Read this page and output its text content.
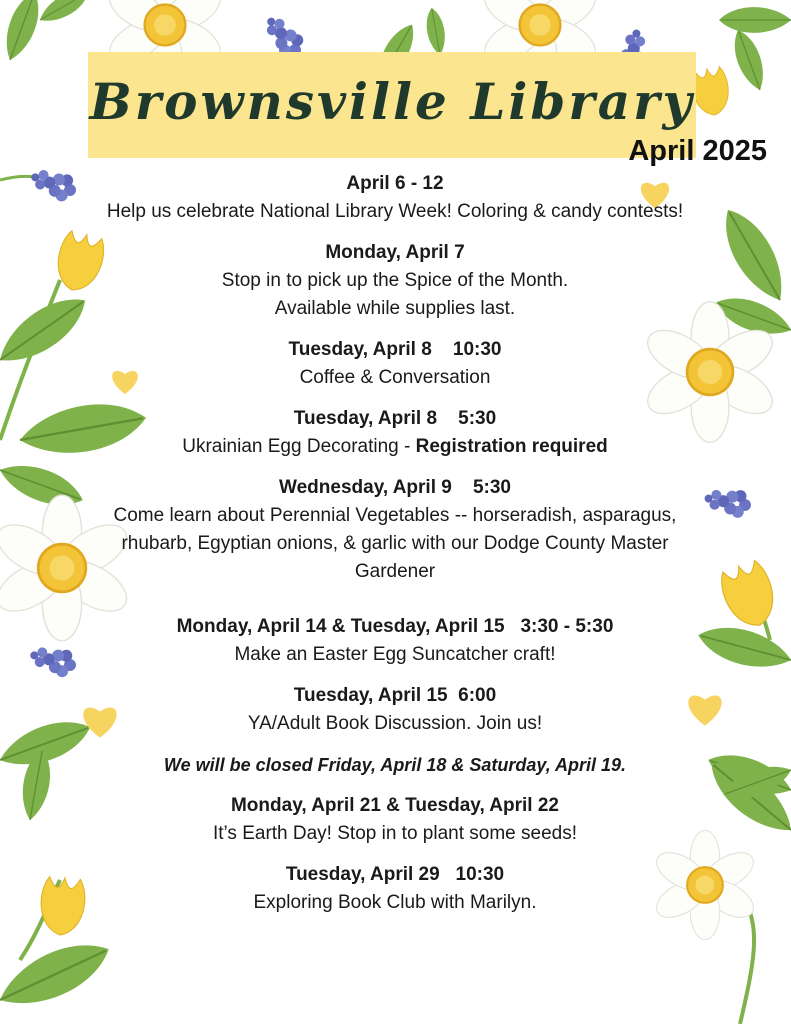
Brownsville Library
April 2025
April 6 - 12
Help us celebrate National Library Week! Coloring & candy contests!
Monday, April 7
Stop in to pick up the Spice of the Month.
Available while supplies last.
Tuesday, April 8    10:30
Coffee & Conversation
Tuesday, April 8    5:30
Ukrainian Egg Decorating - Registration required
Wednesday, April 9    5:30
Come learn about Perennial Vegetables -- horseradish, asparagus, rhubarb, Egyptian onions, & garlic with our Dodge County Master Gardener
Monday, April 14 & Tuesday, April 15   3:30 - 5:30
Make an Easter Egg Suncatcher craft!
Tuesday, April 15  6:00
YA/Adult Book Discussion. Join us!
We will be closed Friday, April 18 & Saturday, April 19.
Monday, April 21 & Tuesday, April 22
It’s Earth Day! Stop in to plant some seeds!
Tuesday, April 29   10:30
Exploring Book Club with Marilyn.
